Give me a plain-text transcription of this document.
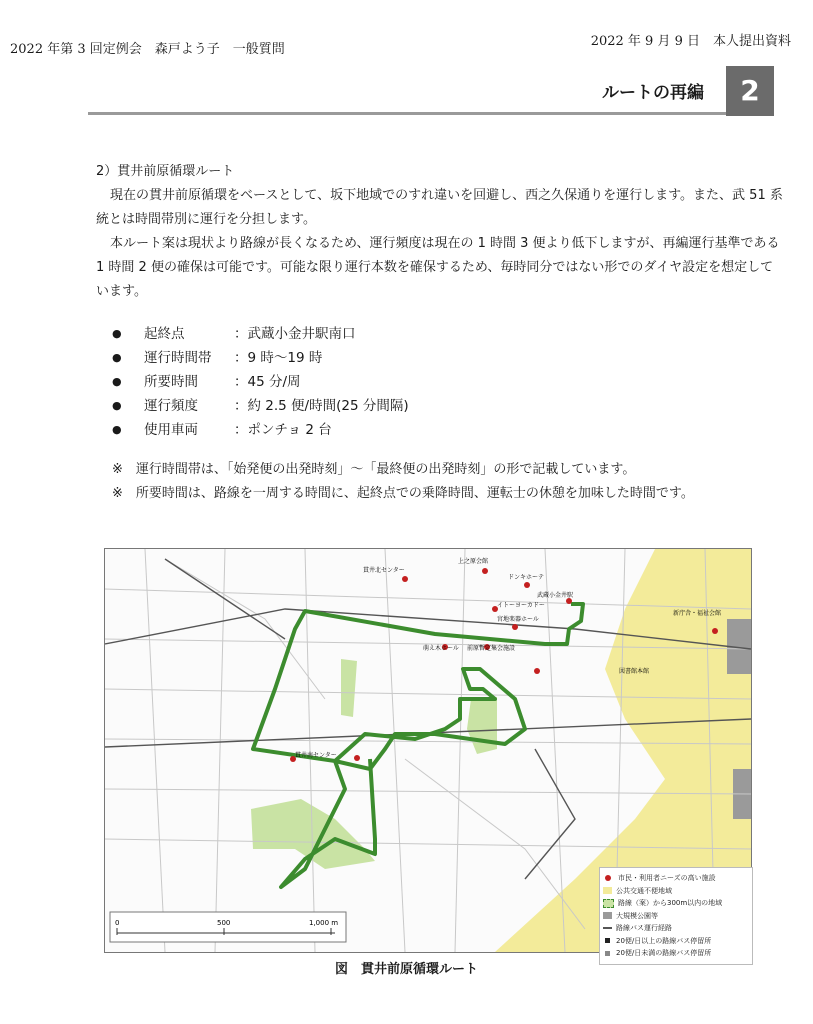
2022 年第 3 回定例会　森戸よう子　一般質問
2022 年 9 月 9 日　本人提出資料
ルートの再編	2

2）貫井前原循環ルート

現在の貫井前原循環をベースとして、坂下地域でのすれ違いを回避し、西之久保通りを運行します。また、武 51 系統とは時間帯別に運行を分担します。

本ルート案は現状より路線が長くなるため、運行頻度は現在の 1 時間 3 便より低下しますが、再編運行基準である 1 時間 2 便の確保は可能です。可能な限り運行本数を確保するため、毎時同分ではない形でのダイヤ設定を想定しています。

●	起終点	：武蔵小金井駅南口
●	運行時間帯	：9 時～19 時
●	所要時間	：45 分/周
●	運行頻度	：約 2.5 便/時間(25 分間隔)
●	使用車両	：ポンチョ 2 台
※　運行時間帯は、「始発便の出発時刻」～「最終便の出発時刻」の形で記載しています。
※　所要時間は、路線を一周する時間に、起終点での乗降時間、運転士の休憩を加味した時間です。
上之原会館
貫井北センター
ドンキホーテ
武蔵小金井駅
イトーヨーカドー
宮地楽器ホール
新庁舎・福祉会館
萌え木ホール 前原暫定集会施設
図書館本館
貫井南センター
市民・利用者ニーズの高い施設
公共交通不便地域
路線（案）から300m以内の地域
大規模公園等
路線バス運行経路
20便/日以上の路線バス停留所
20便/日未満の路線バス停留所
0	500	1,000 m
図　貫井前原循環ルート
